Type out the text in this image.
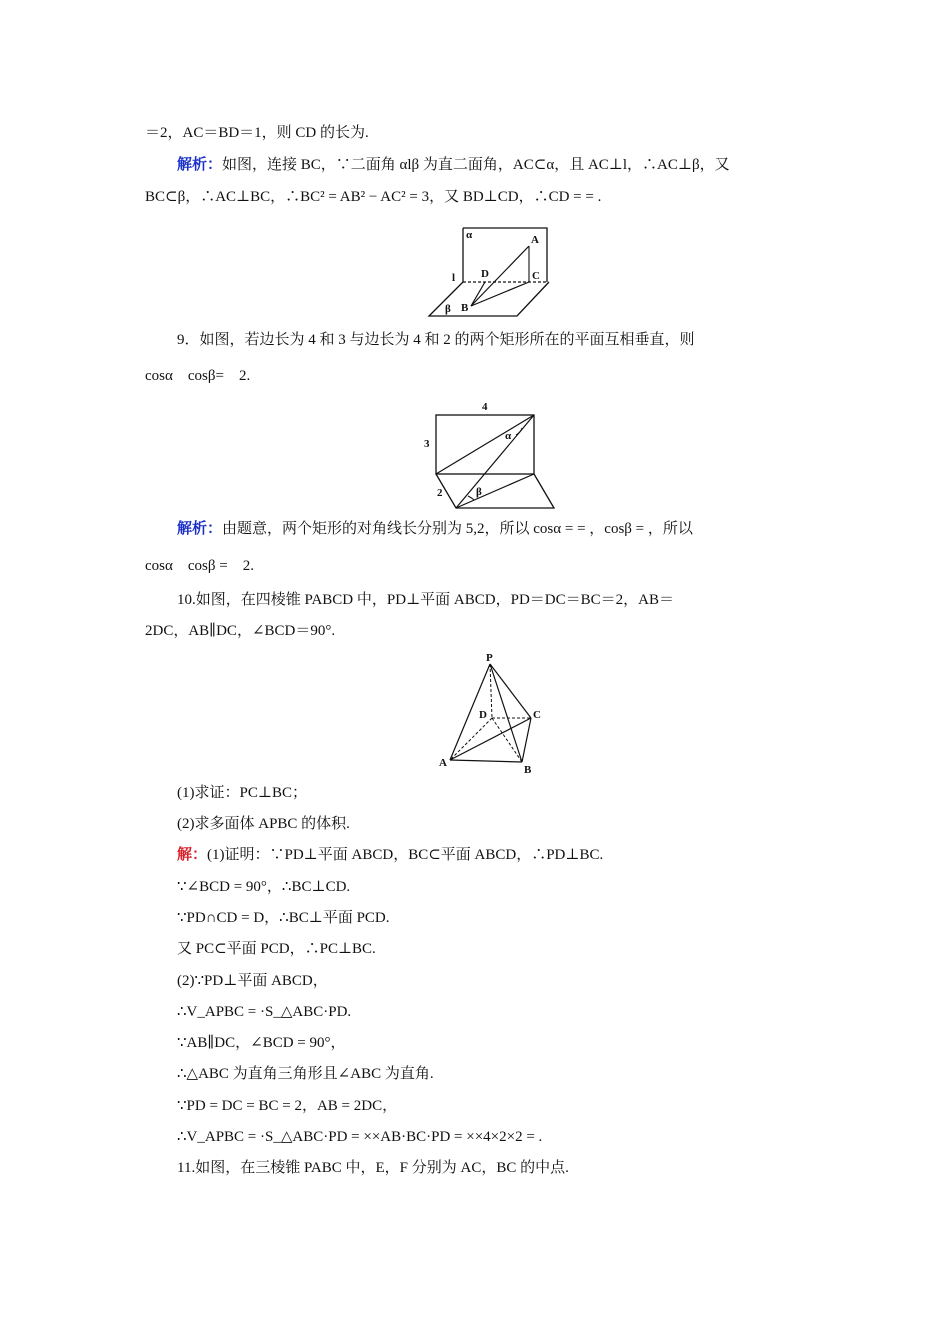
＝2，AC＝BD＝1，则 CD 的长为.
解析：如图，连接 BC，∵二面角 αlβ 为直二面角，AC⊂α，且 AC⊥l，∴AC⊥β，又
BC⊂β，∴AC⊥BC，∴BC² = AB² − AC² = 3，又 BD⊥CD，∴CD = = .
α	A
D	C
l
β B
9．如图，若边长为 4 和 3 与边长为 4 和 2 的两个矩形所在的平面互相垂直，则
cosα　cosβ=　2.
4
3
2
α
β
解析：由题意，两个矩形的对角线长分别为 5,2，所以 cosα = = ，cosβ = ，所以
cosα　cosβ =　2.
10.如图，在四棱锥 PABCD 中，PD⊥平面 ABCD，PD＝DC＝BC＝2，AB＝
2DC，AB∥DC，∠BCD＝90°.
P
D	C
A
B
(1)求证：PC⊥BC；
(2)求多面体 APBC 的体积.
解：(1)证明：∵PD⊥平面 ABCD，BC⊂平面 ABCD，∴PD⊥BC.
∵∠BCD = 90°，∴BC⊥CD.
∵PD∩CD = D，∴BC⊥平面 PCD.
又 PC⊂平面 PCD，∴PC⊥BC.
(2)∵PD⊥平面 ABCD，
∴V_APBC = ·S_△ABC·PD.
∵AB∥DC，∠BCD = 90°，
∴△ABC 为直角三角形且∠ABC 为直角.
∵PD = DC = BC = 2，AB = 2DC，
∴V_APBC = ·S_△ABC·PD = ××AB·BC·PD = ××4×2×2 = .
11.如图，在三棱锥 PABC 中，E，F 分别为 AC，BC 的中点.
